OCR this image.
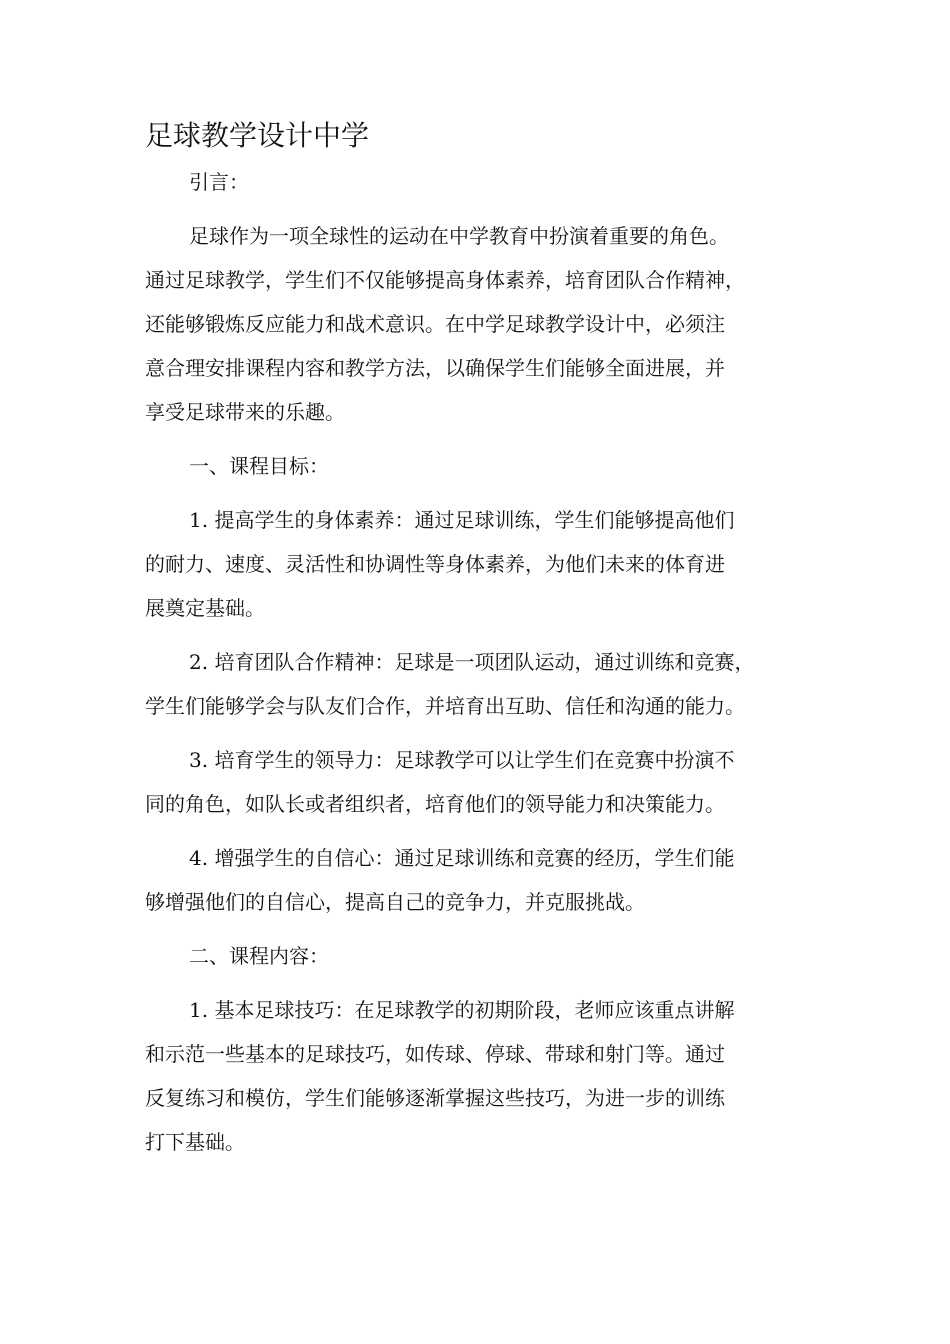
足球教学设计中学

引言：

足球作为一项全球性的运动在中学教育中扮演着重要的角色。
通过足球教学，学生们不仅能够提高身体素养，培育团队合作精神，
还能够锻炼反应能力和战术意识。在中学足球教学设计中，必须注
意合理安排课程内容和教学方法，以确保学生们能够全面进展，并
享受足球带来的乐趣。

一、课程目标：

1. 提高学生的身体素养：通过足球训练，学生们能够提高他们
的耐力、速度、灵活性和协调性等身体素养，为他们未来的体育进
展奠定基础。

2. 培育团队合作精神：足球是一项团队运动，通过训练和竞赛，
学生们能够学会与队友们合作，并培育出互助、信任和沟通的能力。

3. 培育学生的领导力：足球教学可以让学生们在竞赛中扮演不
同的角色，如队长或者组织者，培育他们的领导能力和决策能力。

4. 增强学生的自信心：通过足球训练和竞赛的经历，学生们能
够增强他们的自信心，提高自己的竞争力，并克服挑战。

二、课程内容：

1. 基本足球技巧：在足球教学的初期阶段，老师应该重点讲解
和示范一些基本的足球技巧，如传球、停球、带球和射门等。通过
反复练习和模仿，学生们能够逐渐掌握这些技巧，为进一步的训练
打下基础。
